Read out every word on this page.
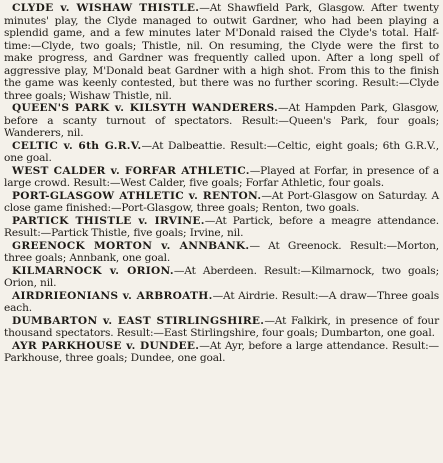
CLYDE v. WISHAW THISTLE.—At Shawfield Park, Glasgow. After twenty minutes' play, the Clyde managed to outwit Gardner, who had been playing a splendid game, and a few minutes later M'Donald raised the Clyde's total. Half-time:—Clyde, two goals; Thistle, nil. On resuming, the Clyde were the first to make progress, and Gardner was frequently called upon. After a long spell of aggressive play, M'Donald beat Gardner with a high shot. From this to the finish the game was keenly contested, but there was no further scoring. Result:—Clyde three goals; Wishaw Thistle, nil.

QUEEN'S PARK v. KILSYTH WANDERERS.—At Hampden Park, Glasgow, before a scanty turnout of spectators. Result:—Queen's Park, four goals; Wanderers, nil.

CELTIC v. 6th G.R.V.—At Dalbeattie. Result:—Celtic, eight goals; 6th G.R.V., one goal.

WEST CALDER v. FORFAR ATHLETIC.—Played at Forfar, in presence of a large crowd. Result:—West Calder, five goals; Forfar Athletic, four goals.

PORT-GLASGOW ATHLETIC v. RENTON.—At Port-Glasgow on Saturday. A close game finished:—Port-Glasgow, three goals; Renton, two goals.

PARTICK THISTLE v. IRVINE.—At Partick, before a meagre attendance. Result:—Partick Thistle, five goals; Irvine, nil.

GREENOCK MORTON v. ANNBANK.— At Greenock. Result:—Morton, three goals; Annbank, one goal.

KILMARNOCK v. ORION.—At Aberdeen. Result:—Kilmarnock, two goals; Orion, nil.

AIRDRIEONIANS v. ARBROATH.—At Airdrie. Result:—A draw—Three goals each.

DUMBARTON v. EAST STIRLINGSHIRE.—At Falkirk, in presence of four thousand spectators. Result:—East Stirlingshire, four goals; Dumbarton, one goal.

AYR PARKHOUSE v. DUNDEE.—At Ayr, before a large attendance. Result:—Parkhouse, three goals; Dundee, one goal.
